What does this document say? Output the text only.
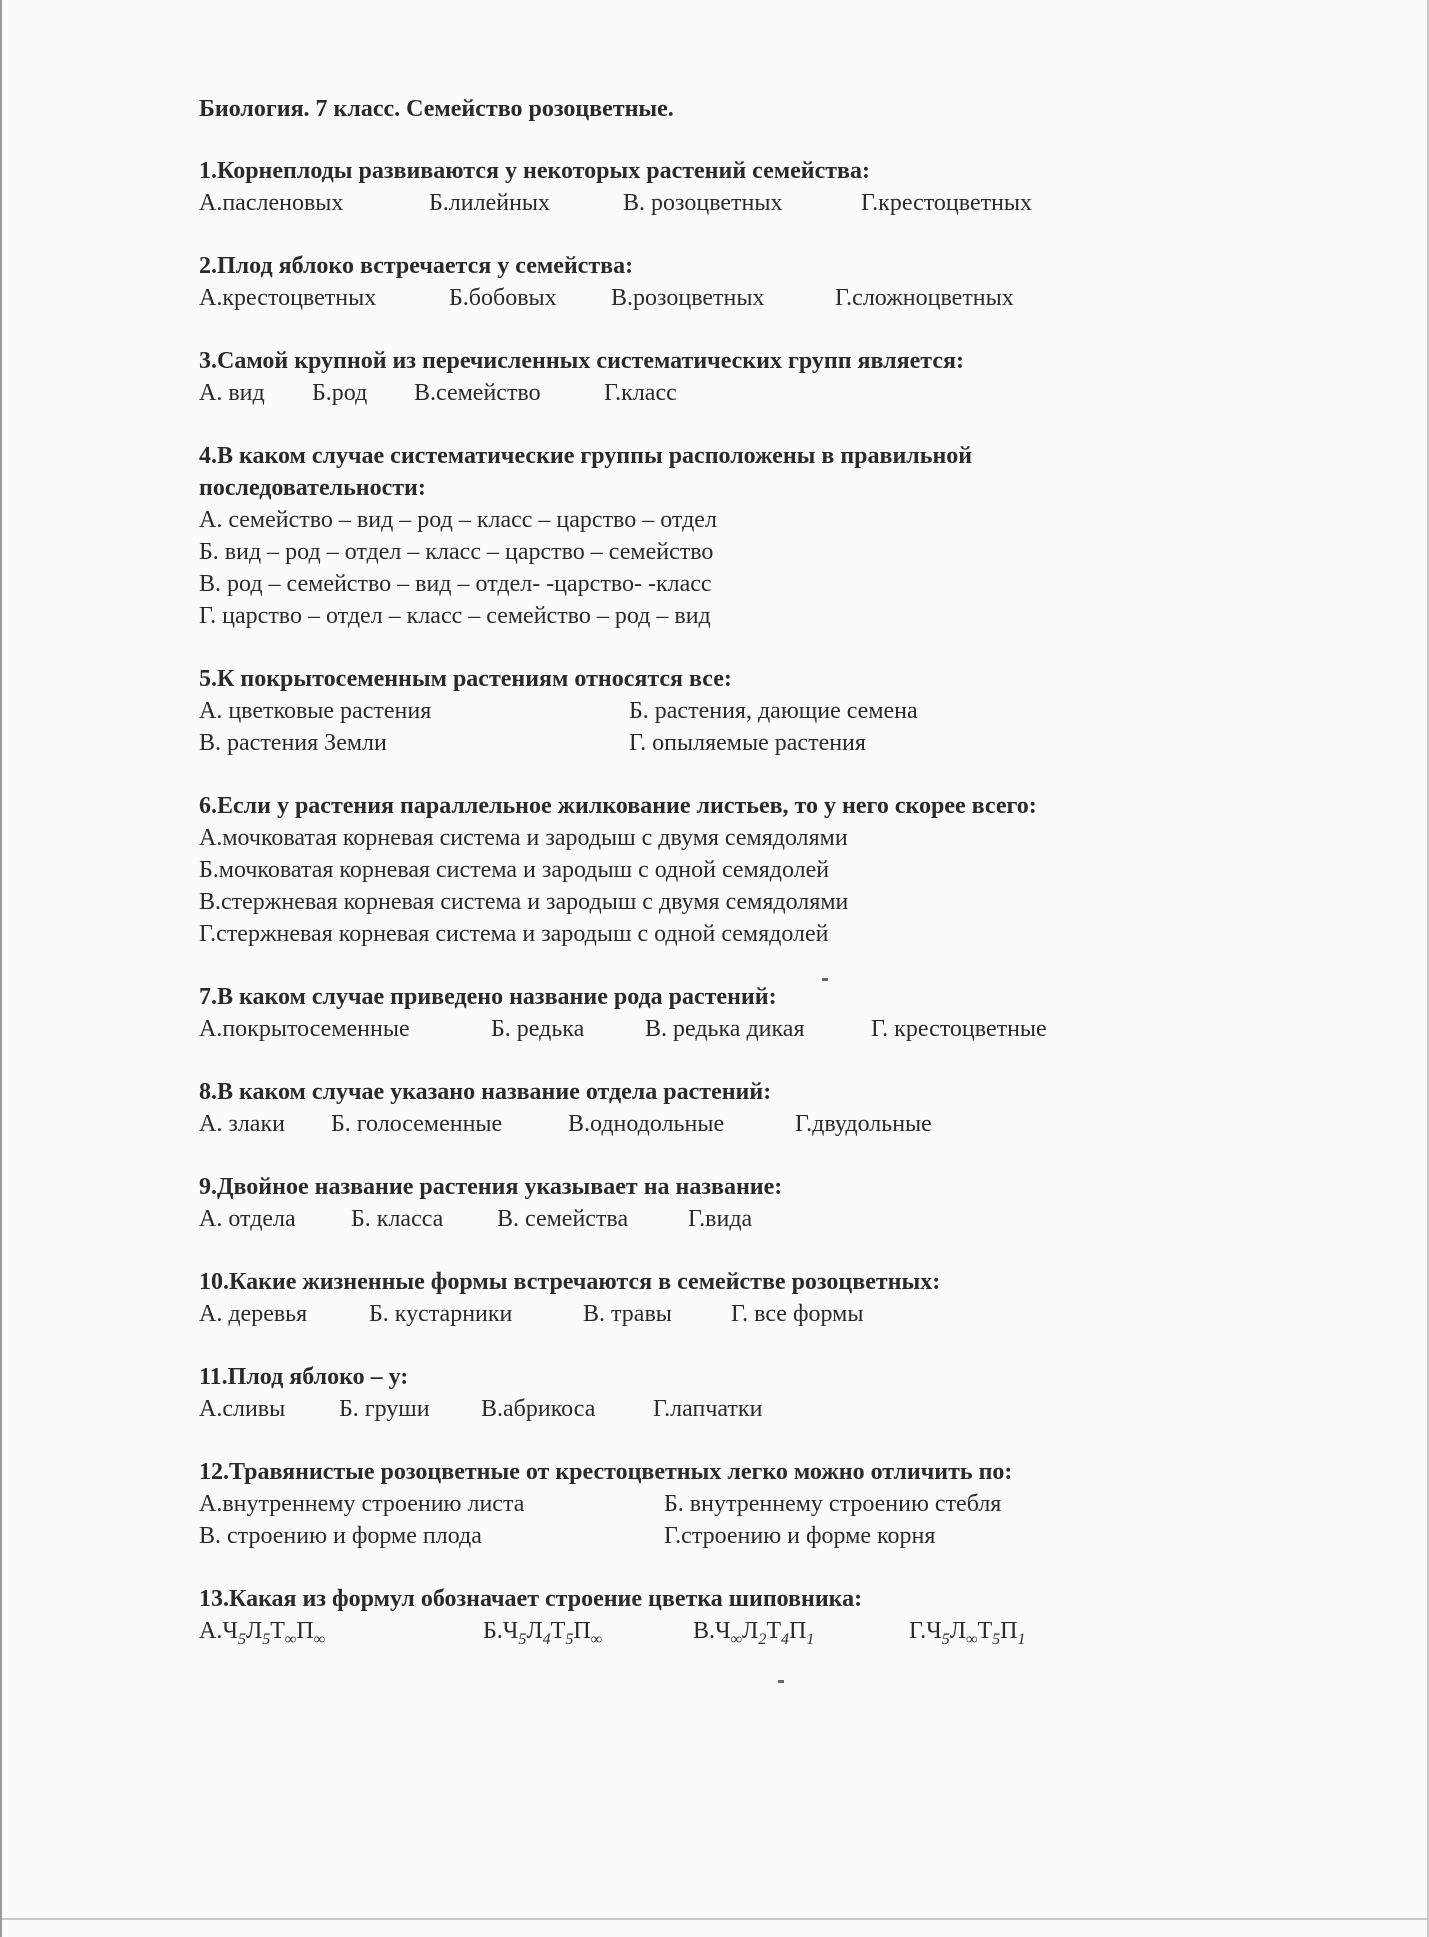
Биология. 7 класс. Семейство розоцветные.
1.Корнеплоды развиваются у некоторых растений семейства:
А.пасленовых	Б.лилейных	В. розоцветных	Г.крестоцветных
2.Плод яблоко встречается у семейства:
А.крестоцветных	Б.бобовых В.розоцветных	Г.сложноцветных
3.Самой крупной из перечисленных систематических групп является:
А. вид Б.род В.семейство	Г.класс
4.В каком случае систематические группы расположены в правильной последовательности:
А. семейство – вид – род – класс – царство – отдел
Б. вид – род – отдел – класс – царство – семейство
В. род – семейство – вид – отдел- -царство- -класс
Г. царство – отдел – класс – семейство – род – вид
5.К покрытосеменным растениям относятся все:
А. цветковые растения	Б. растения, дающие семена
В. растения Земли	Г. опыляемые растения
6.Если у растения параллельное жилкование листьев, то у него скорее всего:
А.мочковатая корневая система и зародыш с двумя семядолями
Б.мочковатая корневая система и зародыш с одной семядолей
В.стержневая корневая система и зародыш с двумя семядолями
Г.стержневая корневая система и зародыш с одной семядолей
7.В каком случае приведено название рода растений:
А.покрытосеменные	Б. редька	В. редька дикая	Г. крестоцветные
8.В каком случае указано название отдела растений:
А. злаки Б. голосеменные	В.однодольные	Г.двудольные
9.Двойное название растения указывает на название:
А. отдела Б. класса В. семейства Г.вида
10.Какие жизненные формы встречаются в семействе розоцветных:
А. деревья	Б. кустарники	В. травы Г. все формы
11.Плод яблоко – у:
А.сливы Б. груши В.абрикоса Г.лапчатки
12.Травянистые розоцветные от крестоцветных легко можно отличить по:
А.внутреннему строению листа	Б. внутреннему строению стебля
В. строению и форме плода	Г.строению и форме корня
13.Какая из формул обозначает строение цветка шиповника:
$А.Ч_5Л_5Т_\infty П_\infty$	$Б.Ч_5Л_4Т_5П_\infty$	$В.Ч_\infty Л_2Т_4П_1$	$Г.Ч_5Л_\infty Т_5П_1$
